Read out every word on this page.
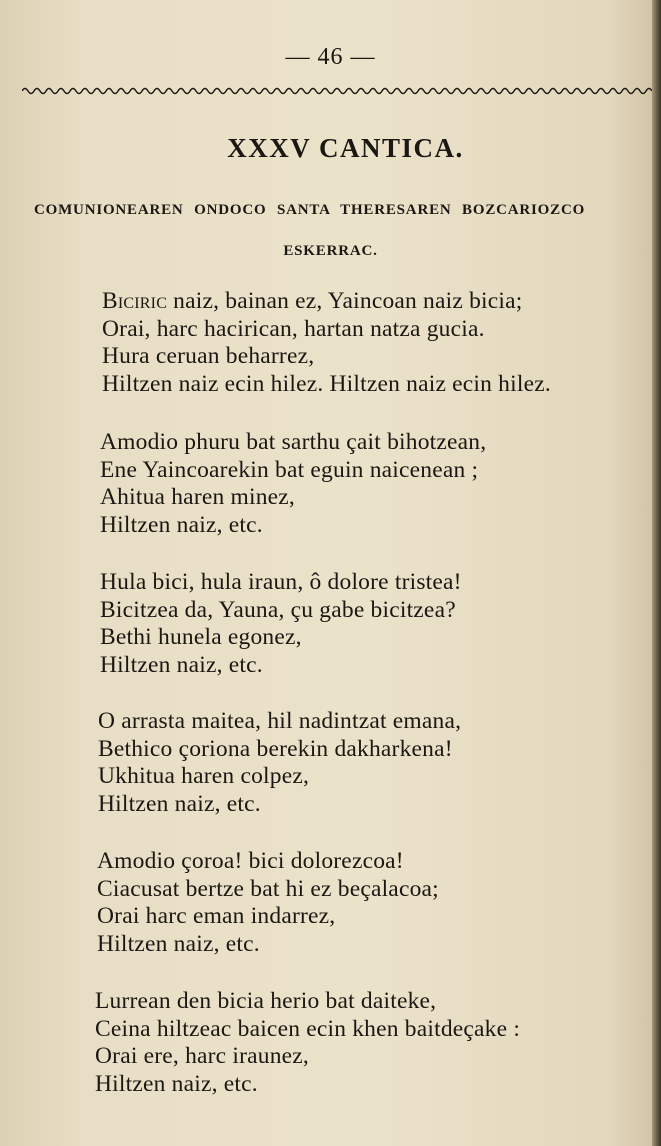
— 46 —
XXXV CANTICA.
COMUNIONEAREN ONDOCO SANTA THERESAREN BOZCARIOZCO
ESKERRAC.
Biciric naiz, bainan ez, Yaincoan naiz bicia;
Orai, harc hacirican, hartan natza gucia.
Hura ceruan beharrez,
Hiltzen naiz ecin hilez. Hiltzen naiz ecin hilez.
Amodio phuru bat sarthu çait bihotzean,
Ene Yaincoarekin bat eguin naicenean ;
Ahitua haren minez,
Hiltzen naiz, etc.
Hula bici, hula iraun, ô dolore tristea!
Bicitzea da, Yauna, çu gabe bicitzea?
Bethi hunela egonez,
Hiltzen naiz, etc.
O arrasta maitea, hil nadintzat emana,
Bethico çoriona berekin dakharkena!
Ukhitua haren colpez,
Hiltzen naiz, etc.
Amodio çoroa! bici dolorezcoa!
Ciacusat bertze bat hi ez beçalacoa;
Orai harc eman indarrez,
Hiltzen naiz, etc.
Lurrean den bicia herio bat daiteke,
Ceina hiltzeac baicen ecin khen baitdeçake :
Orai ere, harc iraunez,
Hiltzen naiz, etc.
